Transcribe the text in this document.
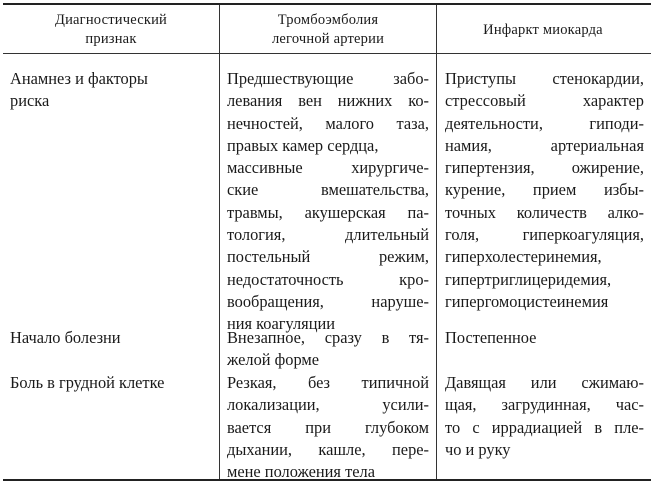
Диагностический
признак
Тромбоэмболия
легочной артерии
Инфаркт миокарда
Анамнез и факторы
риска
Предшествующие забо-
левания вен нижних ко-
нечностей, малого таза,
правых камер сердца,
массивные хирургиче-
ские вмешательства,
травмы, акушерская па-
тология, длительный
постельный режим,
недостаточность кро-
вообращения, наруше-
ния коагуляции
Приступы стенокардии,
стрессовый характер
деятельности, гиподи-
намия, артериальная
гипертензия, ожирение,
курение, прием избы-
точных количеств алко-
голя, гиперкоагуляция,
гиперхолестеринемия,
гипертриглицеридемия,
гипергомоцистеинемия
Начало болезни	Внезапное, сразу в тя-
желой форме
Постепенное
Боль в грудной клетке	Резкая, без типичной
локализации, усили-
вается при глубоком
дыхании, кашле, пере-
мене положения тела
Давящая или сжимаю-
щая, загрудинная, час-
то с иррадиацией в пле-
чо и руку
